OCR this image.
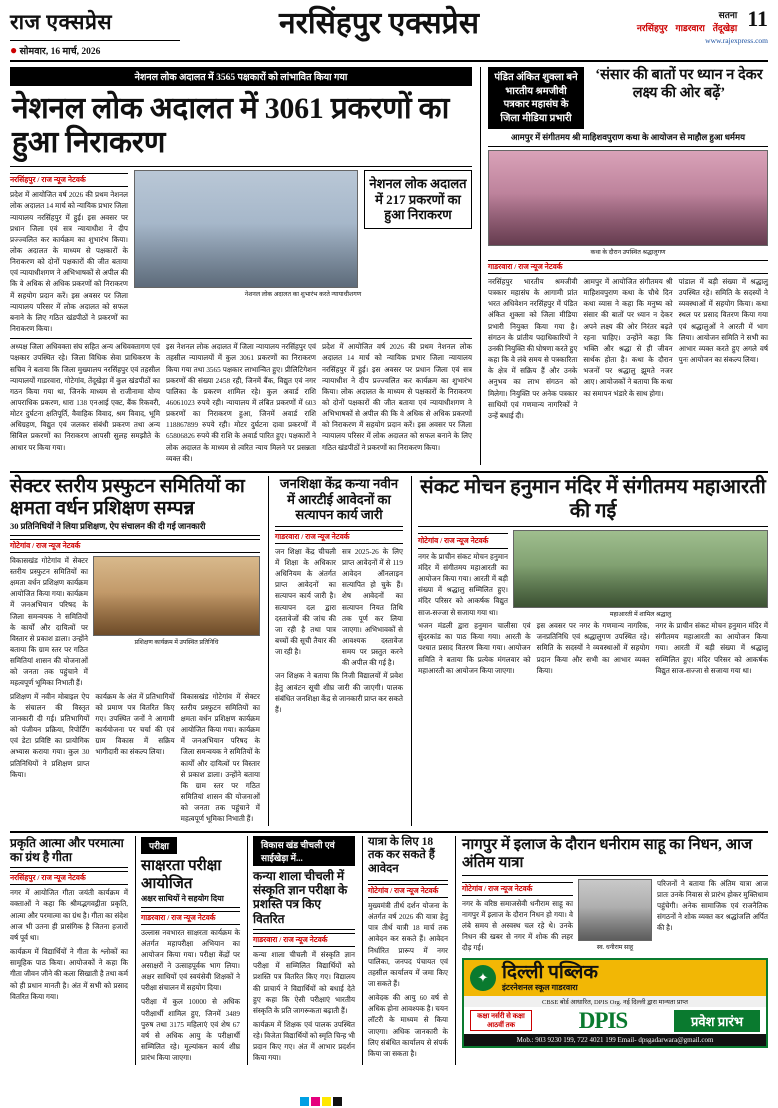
राज एक्सप्रेस
● सोमवार, 16 मार्च, 2026
नरसिंहपुर एक्सप्रेस	सतना
नरसिंहपुर गाडरवारा तेंदूखेड़ा 11
www.rajexpress.com
नेशनल लोक अदालत में 3565 पक्षकारों को लांभावित किया गया
नेशनल लोक अदालत में 3061 प्रकरणों का हुआ निराकरण
नरसिंहपुर / राज न्यूज नेटवर्क
प्रदेश में आयोजित वर्ष 2026 की प्रथम नेशनल लोक अदालत 14 मार्च को न्यायिक प्रभार जिला न्यायालय नरसिंहपुर में हुई। इस अवसर पर प्रधान जिला एवं सत्र न्यायाधीश ने दीप प्रज्ज्वलित कर कार्यक्रम का शुभारंभ किया। लोक अदालत के माध्यम से पक्षकारों के निराकरण को दोनों पक्षकारों की जीत बताया एवं न्यायाधीशगण ने अभिभाषकों से अपील की कि वे अधिक से अधिक प्रकरणों को निराकरण में सहयोग प्रदान करें। इस अवसर पर जिला न्यायालय परिसर में लोक अदालत को सफल बनाने के लिए गठित खंडपीठों ने प्रकरणों का निराकरण किया।
नेशनल लोक अदालत में 217 प्रकरणों का हुआ निराकरण
नेशनल लोक अदालत का शुभारंभ करते न्यायाधीशगण
अध्यक्ष जिला अधिवक्ता संघ सहित अन्य अधिवक्तागण एवं पक्षकार उपस्थित रहे। जिला विधिक सेवा प्राधिकरण के सचिव ने बताया कि जिला मुख्यालय नरसिंहपुर एवं तहसील न्यायालयों गाडरवारा, गोटेगांव, तेंदूखेड़ा में कुल खंडपीठों का गठन किया गया था, जिनके माध्यम से राजीनामा योग्य आपराधिक प्रकरण, धारा 138 एनआई एक्ट, बैंक रिकवरी, मोटर दुर्घटना क्षतिपूर्ति, वैवाहिक विवाद, श्रम विवाद, भूमि अधिग्रहण, विद्युत एवं जलकर संबंधी प्रकरण तथा अन्य सिविल प्रकरणों का निराकरण आपसी सुलह समझौते के आधार पर किया गया।
इस नेशनल लोक अदालत में जिला न्यायालय नरसिंहपुर एवं तहसील न्यायालयों में कुल 3061 प्रकरणों का निराकरण किया गया तथा 3565 पक्षकार लाभान्वित हुए। प्रीलिटिगेशन प्रकरणों की संख्या 2458 रही, जिनमें बैंक, विद्युत एवं नगर पालिका के प्रकरण शामिल रहे। कुल अवार्ड राशि 46061023 रुपये रही। न्यायालय में लंबित प्रकरणों में 603 प्रकरणों का निराकरण हुआ, जिनमें अवार्ड राशि 118867899 रुपये रही। मोटर दुर्घटना दावा प्रकरणों में 65806826 रुपये की राशि के अवार्ड पारित हुए। पक्षकारों ने लोक अदालत के माध्यम से त्वरित न्याय मिलने पर प्रसन्नता व्यक्त की।
प्रदेश में आयोजित वर्ष 2026 की प्रथम नेशनल लोक अदालत 14 मार्च को न्यायिक प्रभार जिला न्यायालय नरसिंहपुर में हुई। इस अवसर पर प्रधान जिला एवं सत्र न्यायाधीश ने दीप प्रज्ज्वलित कर कार्यक्रम का शुभारंभ किया। लोक अदालत के माध्यम से पक्षकारों के निराकरण को दोनों पक्षकारों की जीत बताया एवं न्यायाधीशगण ने अभिभाषकों से अपील की कि वे अधिक से अधिक प्रकरणों को निराकरण में सहयोग प्रदान करें। इस अवसर पर जिला न्यायालय परिसर में लोक अदालत को सफल बनाने के लिए गठित खंडपीठों ने प्रकरणों का निराकरण किया।
पंडित अंकित शुक्ला बने भारतीय श्रमजीवी पत्रकार महासंघ के जिला मीडिया प्रभारी
‘संसार की बातों पर ध्यान न देकर लक्ष्य की ओर बढ़ें’
आमपुर में संगीतमय श्री माहिशवपुराण कथा के आयोजन से माहौल हुआ धर्ममय
कथा के दौरान उपस्थित श्रद्धालुगण
गाडरवारा / राज न्यूज नेटवर्क
नरसिंहपुर भारतीय श्रमजीवी पत्रकार महासंघ के आगामी प्रांत भरत अधिवेशन नरसिंहपुर में पंडित अंकित शुक्ला को जिला मीडिया प्रभारी नियुक्त किया गया है। संगठन के प्रांतीय पदाधिकारियों ने उनकी नियुक्ति की घोषणा करते हुए कहा कि वे लंबे समय से पत्रकारिता के क्षेत्र में सक्रिय हैं और उनके अनुभव का लाभ संगठन को मिलेगा। नियुक्ति पर अनेक पत्रकार साथियों एवं गणमान्य नागरिकों ने उन्हें बधाई दी।
आमपुर में आयोजित संगीतमय श्री माहिशवपुराण कथा के चौथे दिन कथा व्यास ने कहा कि मनुष्य को संसार की बातों पर ध्यान न देकर अपने लक्ष्य की ओर निरंतर बढ़ते रहना चाहिए। उन्होंने कहा कि भक्ति और श्रद्धा से ही जीवन सार्थक होता है। कथा के दौरान भजनों पर श्रद्धालु झूमते नजर आए। आयोजकों ने बताया कि कथा का समापन भंडारे के साथ होगा।
पांडाल में बड़ी संख्या में श्रद्धालु उपस्थित रहे। समिति के सदस्यों ने व्यवस्थाओं में सहयोग किया। कथा स्थल पर प्रसाद वितरण किया गया एवं श्रद्धालुओं ने आरती में भाग लिया। आयोजन समिति ने सभी का आभार व्यक्त करते हुए अगले वर्ष पुनः आयोजन का संकल्प लिया।
सेक्टर स्तरीय प्रस्फुटन समितियों का क्षमता वर्धन प्रशिक्षण सम्पन्न
30 प्रतिनिधियों ने लिया प्रशिक्षण, ऐप संचालन की दी गई जानकारी
गोटेगांव / राज न्यूज नेटवर्क
विकासखंड गोटेगांव में सेक्टर स्तरीय प्रस्फुटन समितियों का क्षमता वर्धन प्रशिक्षण कार्यक्रम आयोजित किया गया। कार्यक्रम में जनअभियान परिषद के जिला समन्वयक ने समितियों के कार्यों और दायित्वों पर विस्तार से प्रकाश डाला। उन्होंने बताया कि ग्राम स्तर पर गठित समितियां शासन की योजनाओं को जनता तक पहुंचाने में महत्वपूर्ण भूमिका निभाती हैं।
प्रशिक्षण कार्यक्रम में उपस्थित प्रतिनिधि
प्रशिक्षण में नवीन मोबाइल ऐप के संचालन की विस्तृत जानकारी दी गई। प्रतिभागियों को पंजीयन प्रक्रिया, रिपोर्टिंग एवं डेटा प्रविष्टि का प्रायोगिक अभ्यास कराया गया। कुल 30 प्रतिनिधियों ने प्रशिक्षण प्राप्त किया।
कार्यक्रम के अंत में प्रतिभागियों को प्रमाण पत्र वितरित किए गए। उपस्थित जनों ने आगामी कार्ययोजना पर चर्चा की एवं ग्राम विकास में सक्रिय भागीदारी का संकल्प लिया।
विकासखंड गोटेगांव में सेक्टर स्तरीय प्रस्फुटन समितियों का क्षमता वर्धन प्रशिक्षण कार्यक्रम आयोजित किया गया। कार्यक्रम में जनअभियान परिषद के जिला समन्वयक ने समितियों के कार्यों और दायित्वों पर विस्तार से प्रकाश डाला। उन्होंने बताया कि ग्राम स्तर पर गठित समितियां शासन की योजनाओं को जनता तक पहुंचाने में महत्वपूर्ण भूमिका निभाती हैं।
जनशिक्षा केंद्र कन्या नवीन में आरटीई आवेदनों का सत्यापन कार्य जारी
गाडरवारा / राज न्यूज नेटवर्क
जन शिक्षा केंद्र चीचली में शिक्षा के अधिकार अधिनियम के अंतर्गत प्राप्त आवेदनों का सत्यापन कार्य जारी है। सत्यापन दल द्वारा दस्तावेजों की जांच की जा रही है तथा पात्र बच्चों की सूची तैयार की जा रही है।
सत्र 2025-26 के लिए प्राप्त आवेदनों में से 119 आवेदन ऑनलाइन सत्यापित हो चुके हैं। शेष आवेदनों का सत्यापन नियत तिथि तक पूर्ण कर लिया जाएगा। अभिभावकों से आवश्यक दस्तावेज समय पर प्रस्तुत करने की अपील की गई है।
जन शिक्षक ने बताया कि निजी विद्यालयों में प्रवेश हेतु आवंटन सूची शीघ्र जारी की जाएगी। पालक संबंधित जनशिक्षा केंद्र से जानकारी प्राप्त कर सकते हैं।
संकट मोचन हनुमान मंदिर में संगीतमय महाआरती की गई
गोटेगांव / राज न्यूज नेटवर्क
नगर के प्राचीन संकट मोचन हनुमान मंदिर में संगीतमय महाआरती का आयोजन किया गया। आरती में बड़ी संख्या में श्रद्धालु सम्मिलित हुए। मंदिर परिसर को आकर्षक विद्युत साज-सज्जा से सजाया गया था।	महाआरती में शामिल श्रद्धालु
भजन मंडली द्वारा हनुमान चालीसा एवं सुंदरकांड का पाठ किया गया। आरती के पश्चात प्रसाद वितरण किया गया। आयोजन समिति ने बताया कि प्रत्येक मंगलवार को महाआरती का आयोजन किया जाएगा।
इस अवसर पर नगर के गणमान्य नागरिक, जनप्रतिनिधि एवं श्रद्धालुगण उपस्थित रहे। समिति के सदस्यों ने व्यवस्थाओं में सहयोग प्रदान किया और सभी का आभार व्यक्त किया।
नगर के प्राचीन संकट मोचन हनुमान मंदिर में संगीतमय महाआरती का आयोजन किया गया। आरती में बड़ी संख्या में श्रद्धालु सम्मिलित हुए। मंदिर परिसर को आकर्षक विद्युत साज-सज्जा से सजाया गया था।
प्रकृति आत्मा और परमात्मा का ग्रंथ है गीता
नरसिंहपुर / राज न्यूज नेटवर्क
नगर में आयोजित गीता जयंती कार्यक्रम में वक्ताओं ने कहा कि श्रीमद्भगवद्गीता प्रकृति, आत्मा और परमात्मा का ग्रंथ है। गीता का संदेश आज भी उतना ही प्रासंगिक है जितना हजारों वर्ष पूर्व था।
कार्यक्रम में विद्यार्थियों ने गीता के श्लोकों का सामूहिक पाठ किया। आयोजकों ने कहा कि गीता जीवन जीने की कला सिखाती है तथा कर्म को ही प्रधान मानती है। अंत में सभी को प्रसाद वितरित किया गया।
परीक्षा
साक्षरता परीक्षा आयोजित
अक्षर साथियों ने सहयोग दिया
गाडरवारा / राज न्यूज नेटवर्क
उल्लास नवभारत साक्षरता कार्यक्रम के अंतर्गत महापरीक्षा अभियान का आयोजन किया गया। परीक्षा केंद्रों पर असाक्षरों ने उत्साहपूर्वक भाग लिया। अक्षर साथियों एवं स्वयंसेवी शिक्षकों ने परीक्षा संचालन में सहयोग दिया।
परीक्षा में कुल 10000 से अधिक परीक्षार्थी शामिल हुए, जिनमें 3489 पुरुष तथा 3175 महिलाएं एवं शेष 67 वर्ष से अधिक आयु के परीक्षार्थी सम्मिलित रहे। मूल्यांकन कार्य शीघ्र प्रारंभ किया जाएगा।
विकास खंड चीचली एवं साईखेड़ा में...
कन्या शाला चीचली में संस्कृति ज्ञान परीक्षा के प्रशस्ति पत्र किए वितरित
गाडरवारा / राज न्यूज नेटवर्क
कन्या शाला चीचली में संस्कृति ज्ञान परीक्षा में सम्मिलित विद्यार्थियों को प्रशस्ति पत्र वितरित किए गए। विद्यालय की प्राचार्य ने विद्यार्थियों को बधाई देते हुए कहा कि ऐसी परीक्षाएं भारतीय संस्कृति के प्रति जागरूकता बढ़ाती हैं।
कार्यक्रम में शिक्षक एवं पालक उपस्थित रहे। विजेता विद्यार्थियों को स्मृति चिन्ह भी प्रदान किए गए। अंत में आभार प्रदर्शन किया गया।
यात्रा के लिए 18 तक कर सकते हैं आवेदन
गोटेगांव / राज न्यूज नेटवर्क
मुख्यमंत्री तीर्थ दर्शन योजना के अंतर्गत वर्ष 2026 की यात्रा हेतु पात्र तीर्थ यात्री 18 मार्च तक आवेदन कर सकते हैं। आवेदन निर्धारित प्रारूप में नगर पालिका, जनपद पंचायत एवं तहसील कार्यालय में जमा किए जा सकते हैं।
आवेदक की आयु 60 वर्ष से अधिक होना आवश्यक है। चयन लॉटरी के माध्यम से किया जाएगा। अधिक जानकारी के लिए संबंधित कार्यालय से संपर्क किया जा सकता है।
नागपुर में इलाज के दौरान धनीराम साहू का निधन, आज अंतिम यात्रा
गोटेगांव / राज न्यूज नेटवर्क
नगर के वरिष्ठ समाजसेवी धनीराम साहू का नागपुर में इलाज के दौरान निधन हो गया। वे लंबे समय से अस्वस्थ चल रहे थे। उनके निधन की खबर से नगर में शोक की लहर दौड़ गई।	स्व. धनीराम साहू
परिजनों ने बताया कि अंतिम यात्रा आज प्रातः उनके निवास से प्रारंभ होकर मुक्तिधाम पहुंचेगी। अनेक सामाजिक एवं राजनैतिक संगठनों ने शोक व्यक्त कर श्रद्धांजलि अर्पित की है।
✦ दिल्ली पब्लिक
इंटरनेशनल स्कूल गाडरवारा
CBSE बोर्ड आधारित, DPIS Org. नई दिल्ली द्वारा मान्यता प्राप्त
कक्षा नर्सरी से कक्षा आठवीं तक	DPIS	प्रवेश प्रारंभ
Mob.: 903 9230 199, 722 4021 199 Email- dpsgadarwara@gmail.com
